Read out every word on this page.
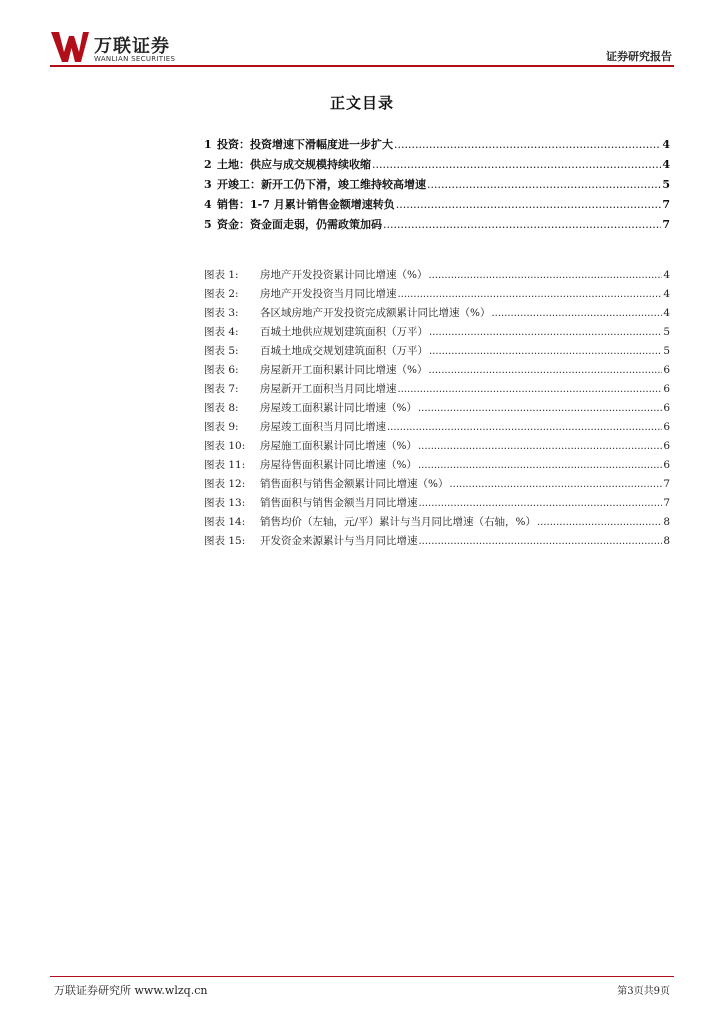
万联证券
WANLIAN SECURITIES	证券研究报告
正文目录
1 投资：投资增速下滑幅度进一步扩大 .....	4
2 土地：供应与成交规模持续收缩 .....	4
3 开竣工：新开工仍下滑，竣工维持较高增速 .....	5
4 销售：1-7 月累计销售金额增速转负 .....	7
5 资金：资金面走弱，仍需政策加码 .....	7
图表 1:	房地产开发投资累计同比增速（%） .....	4
图表 2:	房地产开发投资当月同比增速 .....	4
图表 3:	各区域房地产开发投资完成额累计同比增速（%） .....	4
图表 4:	百城土地供应规划建筑面积（万平） .....	5
图表 5:	百城土地成交规划建筑面积（万平） .....	5
图表 6:	房屋新开工面积累计同比增速（%） .....	6
图表 7:	房屋新开工面积当月同比增速 .....	6
图表 8:	房屋竣工面积累计同比增速（%） .....	6
图表 9:	房屋竣工面积当月同比增速 .....	6
图表 10:	房屋施工面积累计同比增速（%） .....	6
图表 11:	房屋待售面积累计同比增速（%） .....	6
图表 12:	销售面积与销售金额累计同比增速（%） .....	7
图表 13:	销售面积与销售金额当月同比增速 .....	7
图表 14:	销售均价（左轴，元/平）累计与当月同比增速（右轴，%） .....	8
图表 15:	开发资金来源累计与当月同比增速 .....	8
万联证券研究所 www.wlzq.cn	第3页共9页
